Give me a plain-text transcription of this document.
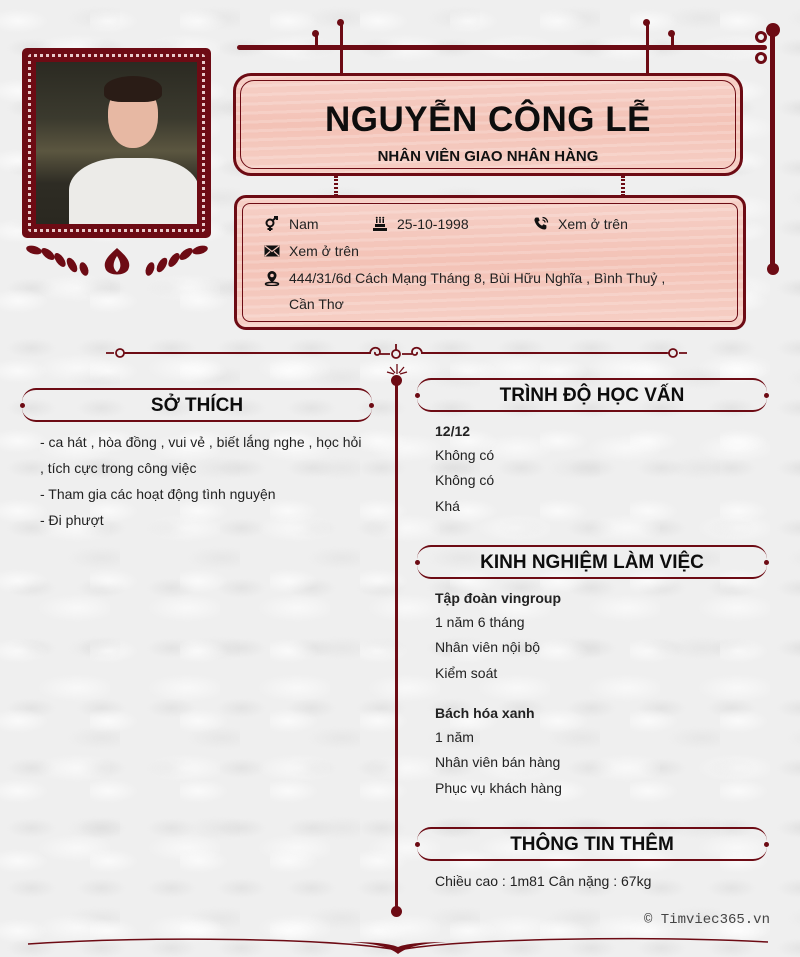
NGUYỄN CÔNG LỄ
NHÂN VIÊN GIAO NHÂN HÀNG
Nam	25-10-1998	Xem ở trên
Xem ở trên
444/31/6d Cách Mạng Tháng 8, Bùi Hữu Nghĩa , Bình Thuỷ ,
Cần Thơ
SỞ THÍCH
- ca hát , hòa đồng , vui vẻ , biết lắng nghe , học hỏi
, tích cực trong công việc
- Tham gia các hoạt động tình nguyện
- Đi phượt
TRÌNH ĐỘ HỌC VẤN
12/12
Không có
Không có
Khá
KINH NGHIỆM LÀM VIỆC
Tập đoàn vingroup
1 năm 6 tháng
Nhân viên nội bộ
Kiểm soát
Bách hóa xanh
1 năm
Nhân viên bán hàng
Phục vụ khách hàng
THÔNG TIN THÊM
Chiều cao : 1m81 Cân nặng : 67kg
© Timviec365.vn
